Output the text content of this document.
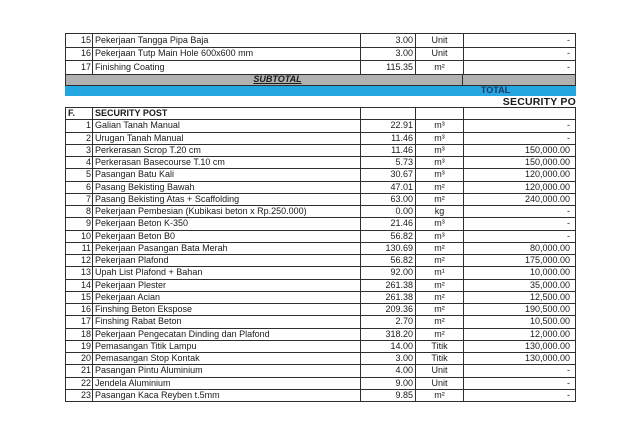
15 Pekerjaan Tangga Pipa Baja	3.00	Unit	-
16 Pekerjaan Tutp Main Hole 600x600 mm	3.00	Unit	-
17 Finishing Coating	115.35	m²	-
SUBTOTAL
TOTAL
SECURITY PO
F.	SECURITY POST
1 Galian Tanah Manual	22.91	m³	-
2 Urugan Tanah Manual	11.46	m³	-
3 Perkerasan Scrop T.20 cm	11.46	m³	150,000.00
4 Perkerasan Basecourse T.10 cm	5.73	m³	150,000.00
5 Pasangan Batu Kali	30.67	m³	120,000.00
6 Pasang Bekisting Bawah	47.01	m²	120,000.00
7 Pasang Bekisting Atas + Scaffolding	63.00	m²	240,000.00
8 Pekerjaan Pembesian (Kubikasi beton x Rp.250.000)	0.00	kg	-
9 Pekerjaan Beton K-350	21.46	m³	-
10 Pekerjaan Beton B0	56.82	m³	-
11 Pekerjaan Pasangan Bata Merah	130.69	m²	80,000.00
12 Pekerjaan Plafond	56.82	m²	175,000.00
13 Upah List Plafond + Bahan	92.00	m¹	10,000.00
14 Pekerjaan Plester	261.38	m²	35,000.00
15 Pekerjaan Acian	261.38	m²	12,500.00
16 Finshing Beton Ekspose	209.36	m²	190,500.00
17 Finshing Rabat Beton	2.70	m²	10,500.00
18 Pekerjaan Pengecatan Dinding dan Plafond	318.20	m²	12,000.00
19 Pemasangan Titik Lampu	14.00	Titik	130,000.00
20 Pemasangan Stop Kontak	3.00	Titik	130,000.00
21 Pasangan Pintu Aluminium	4.00	Unit	-
22 Jendela Aluminium	9.00	Unit	-
23 Pasangan Kaca Reyben t.5mm	9.85	m²	-
